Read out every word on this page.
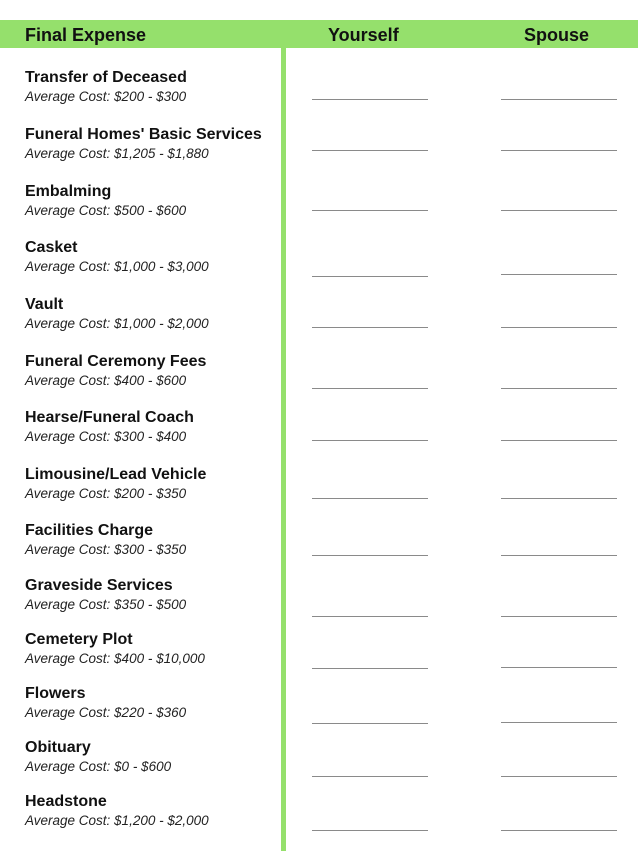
Final Expense	Yourself	Spouse
Transfer of Deceased
Average Cost: $200 - $300
Funeral Homes' Basic Services
Average Cost: $1,205 - $1,880
Embalming
Average Cost: $500 - $600
Casket
Average Cost: $1,000 - $3,000
Vault
Average Cost: $1,000 - $2,000
Funeral Ceremony Fees
Average Cost: $400 - $600
Hearse/Funeral Coach
Average Cost: $300 - $400
Limousine/Lead Vehicle
Average Cost: $200 - $350
Facilities Charge
Average Cost: $300 - $350
Graveside Services
Average Cost: $350 - $500
Cemetery Plot
Average Cost: $400 - $10,000
Flowers
Average Cost: $220 - $360
Obituary
Average Cost: $0 - $600
Headstone
Average Cost: $1,200 - $2,000
